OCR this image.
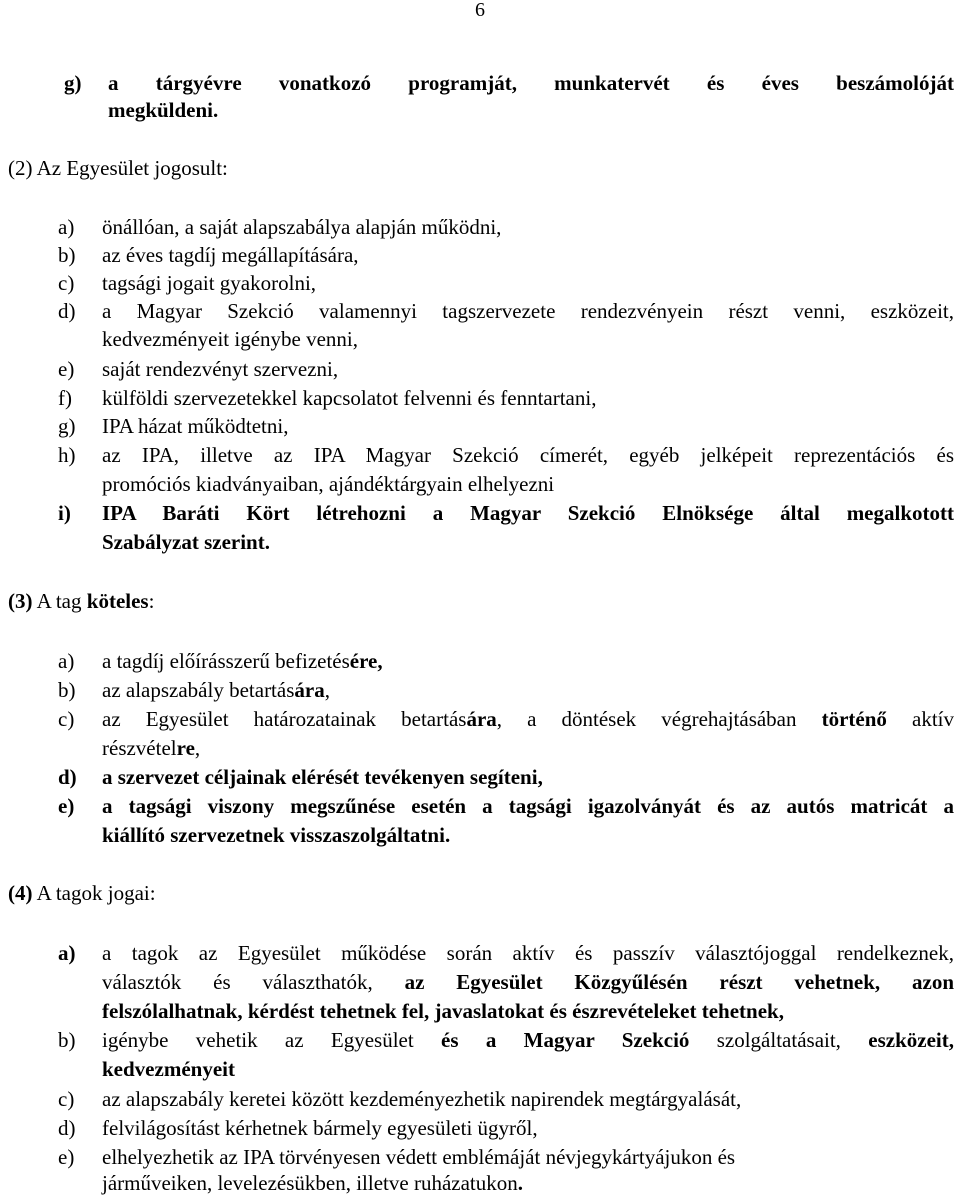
6
g) a tárgyévre vonatkozó programját, munkatervét és éves beszámolóját
megküldeni.
(2) Az Egyesület jogosult:
a) önállóan, a saját alapszabálya alapján működni,
b) az éves tagdíj megállapítására,
c) tagsági jogait gyakorolni,
d) a Magyar Szekció valamennyi tagszervezete rendezvényein részt venni, eszközeit,
kedvezményeit igénybe venni,
e) saját rendezvényt szervezni,
f) külföldi szervezetekkel kapcsolatot felvenni és fenntartani,
g) IPA házat működtetni,
h) az IPA, illetve az IPA Magyar Szekció címerét, egyéb jelképeit reprezentációs és
promóciós kiadványaiban, ajándéktárgyain elhelyezni
i) IPA Baráti Kört létrehozni a Magyar Szekció Elnöksége által megalkotott
Szabályzat szerint.
(3) A tag köteles:
a) a tagdíj előírásszerű befizetésére,
b) az alapszabály betartására,
c) az Egyesület határozatainak betartására, a döntések végrehajtásában történő aktív
részvételre,
d) a szervezet céljainak elérését tevékenyen segíteni,
e) a tagsági viszony megszűnése esetén a tagsági igazolványát és az autós matricát a
kiállító szervezetnek visszaszolgáltatni.
(4) A tagok jogai:
a) a tagok az Egyesület működése során aktív és passzív választójoggal rendelkeznek,
választók és választhatók, az Egyesület Közgyűlésén részt vehetnek, azon
felszólalhatnak, kérdést tehetnek fel, javaslatokat és észrevételeket tehetnek,
b) igénybe vehetik az Egyesület és a Magyar Szekció szolgáltatásait, eszközeit,
kedvezményeit
c) az alapszabály keretei között kezdeményezhetik napirendek megtárgyalását,
d) felvilágosítást kérhetnek bármely egyesületi ügyről,
e) elhelyezhetik az IPA törvényesen védett emblémáját névjegykártyájukon és
járműveiken, levelezésükben, illetve ruházatukon.
